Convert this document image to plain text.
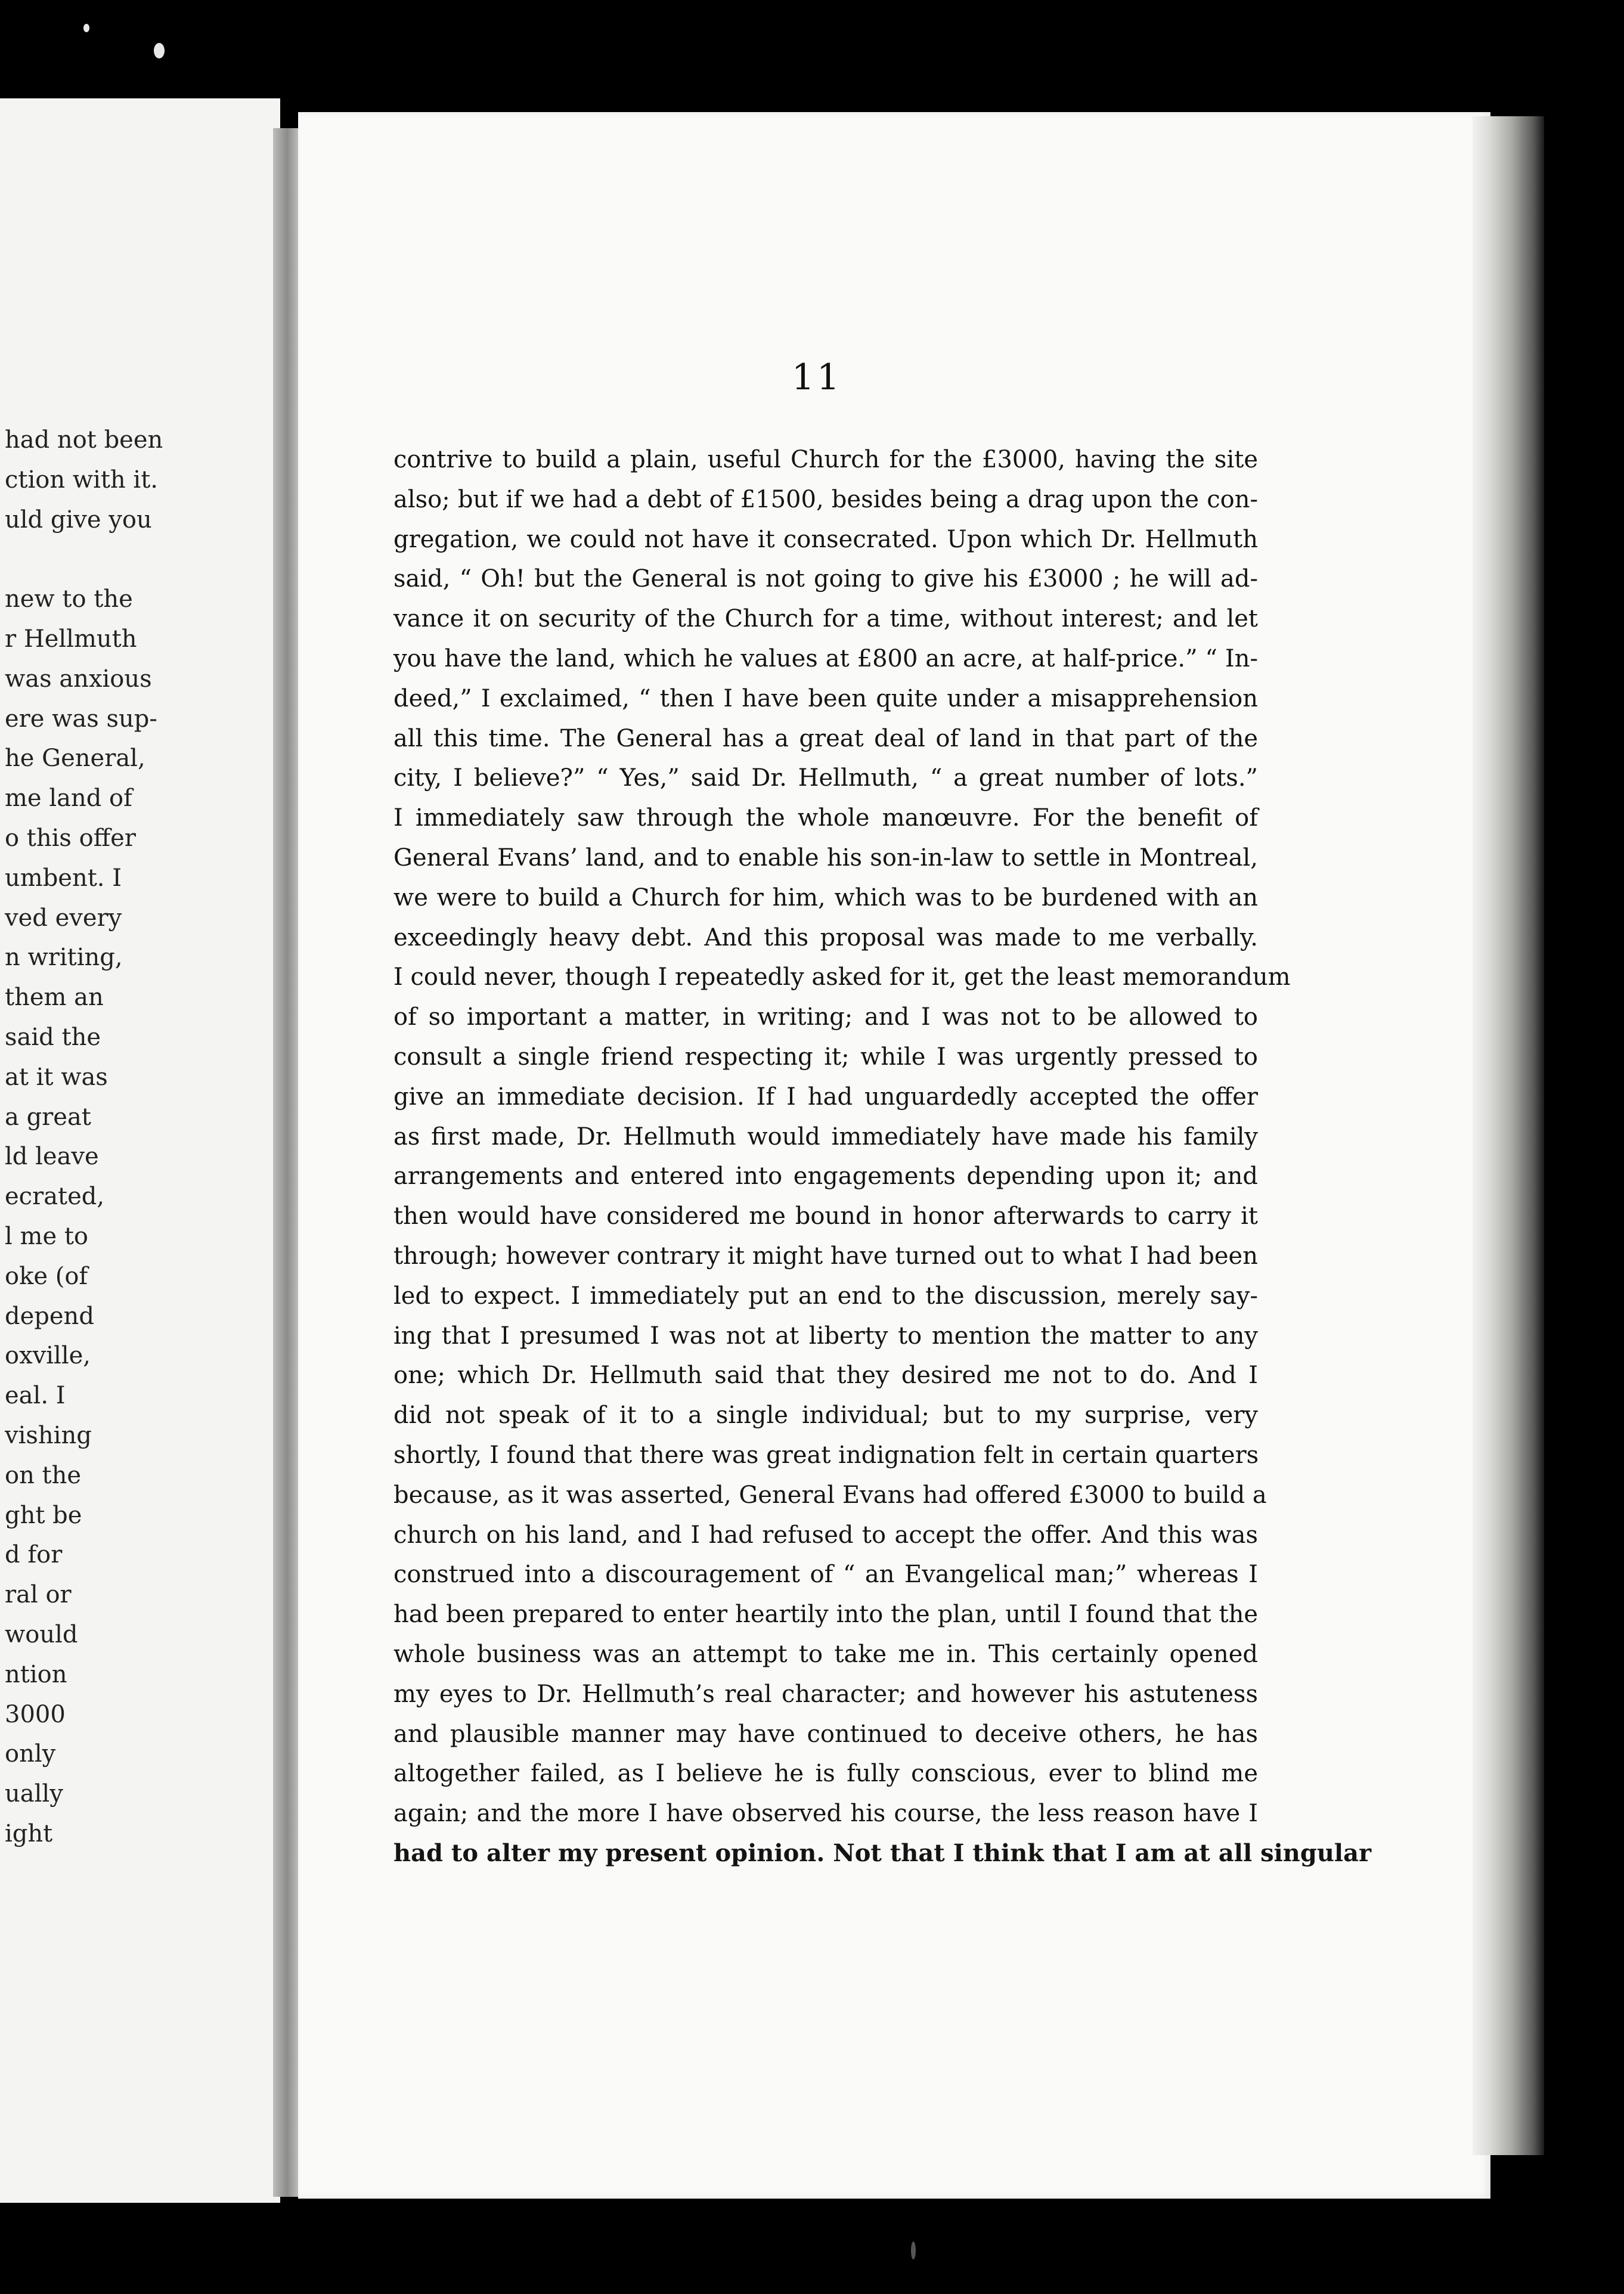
had not been
ction with it.
uld give you
new to the
r Hellmuth
was anxious
ere was sup-
he General,
me land of
o this offer
umbent. I
ved every
n writing,
them an
said the
at it was
a great
ld leave
ecrated,
l me to
oke (of
depend
oxville,
eal. I
vishing
on the
ght be
d for
ral or
would
ntion
3000
only
ually
ight
11
contrive to build a plain, useful Church for the £3000, having the site
also; but if we had a debt of £1500, besides being a drag upon the con-
gregation, we could not have it consecrated. Upon which Dr. Hellmuth
said, “ Oh! but the General is not going to give his £3000 ; he will ad-
vance it on security of the Church for a time, without interest; and let
you have the land, which he values at £800 an acre, at half-price.” “ In-
deed,” I exclaimed, “ then I have been quite under a misapprehension
all this time. The General has a great deal of land in that part of the
city, I believe?” “ Yes,” said Dr. Hellmuth, “ a great number of lots.”
I immediately saw through the whole manœuvre. For the benefit of
General Evans’ land, and to enable his son-in-law to settle in Montreal,
we were to build a Church for him, which was to be burdened with an
exceedingly heavy debt. And this proposal was made to me verbally.
I could never, though I repeatedly asked for it, get the least memorandum
of so important a matter, in writing; and I was not to be allowed to
consult a single friend respecting it; while I was urgently pressed to
give an immediate decision. If I had unguardedly accepted the offer
as first made, Dr. Hellmuth would immediately have made his family
arrangements and entered into engagements depending upon it; and
then would have considered me bound in honor afterwards to carry it
through; however contrary it might have turned out to what I had been
led to expect. I immediately put an end to the discussion, merely say-
ing that I presumed I was not at liberty to mention the matter to any
one; which Dr. Hellmuth said that they desired me not to do. And I
did not speak of it to a single individual; but to my surprise, very
shortly, I found that there was great indignation felt in certain quarters
because, as it was asserted, General Evans had offered £3000 to build a
church on his land, and I had refused to accept the offer. And this was
construed into a discouragement of “ an Evangelical man;” whereas I
had been prepared to enter heartily into the plan, until I found that the
whole business was an attempt to take me in. This certainly opened
my eyes to Dr. Hellmuth’s real character; and however his astuteness
and plausible manner may have continued to deceive others, he has
altogether failed, as I believe he is fully conscious, ever to blind me
again; and the more I have observed his course, the less reason have I
had to alter my present opinion. Not that I think that I am at all singular
